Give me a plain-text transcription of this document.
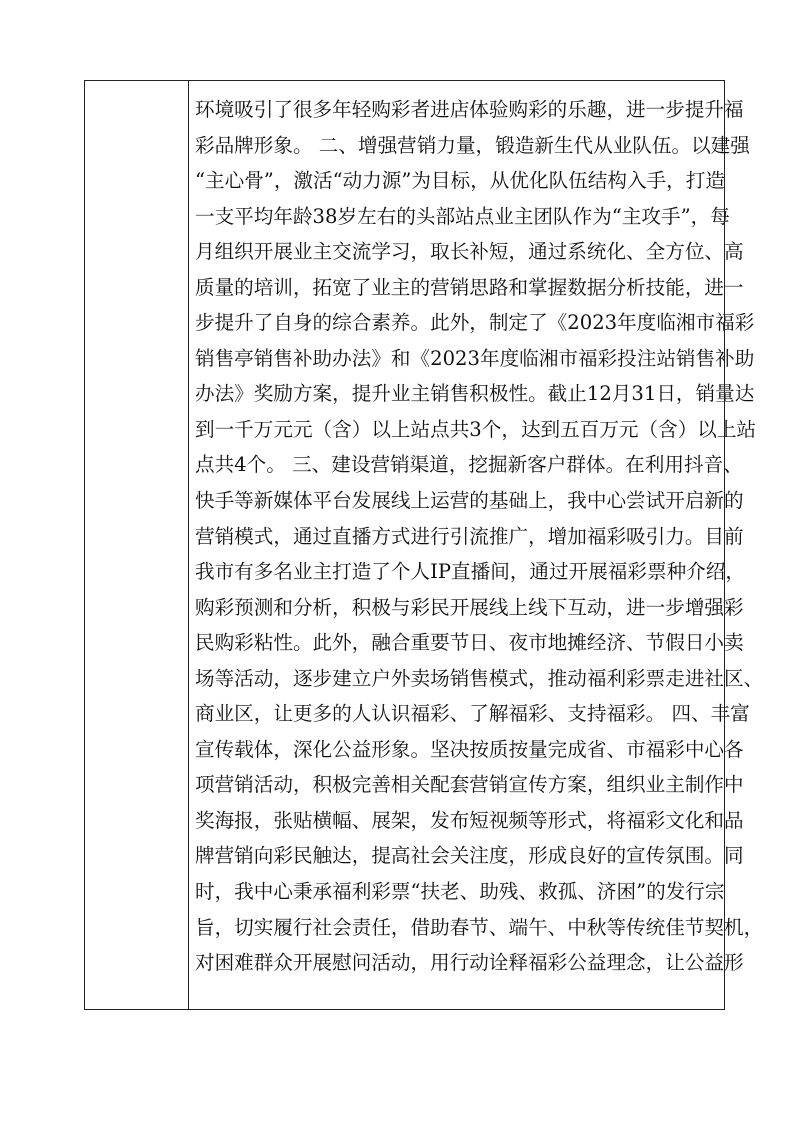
环境吸引了很多年轻购彩者进店体验购彩的乐趣，进一步提升福
彩品牌形象。 二、增强营销力量，锻造新生代从业队伍。以建强
“主心骨”，激活“动力源”为目标，从优化队伍结构入手，打造
一支平均年龄38岁左右的头部站点业主团队作为“主攻手”，每
月组织开展业主交流学习，取长补短，通过系统化、全方位、高
质量的培训，拓宽了业主的营销思路和掌握数据分析技能，进一
步提升了自身的综合素养。此外，制定了《2023年度临湘市福彩
销售亭销售补助办法》和《2023年度临湘市福彩投注站销售补助
办法》奖励方案，提升业主销售积极性。截止12月31日，销量达
到一千万元元（含）以上站点共3个，达到五百万元（含）以上站
点共4个。 三、建设营销渠道，挖掘新客户群体。在利用抖音、
快手等新媒体平台发展线上运营的基础上，我中心尝试开启新的
营销模式，通过直播方式进行引流推广，增加福彩吸引力。目前
我市有多名业主打造了个人IP直播间，通过开展福彩票种介绍，
购彩预测和分析，积极与彩民开展线上线下互动，进一步增强彩
民购彩粘性。此外，融合重要节日、夜市地摊经济、节假日小卖
场等活动，逐步建立户外卖场销售模式，推动福利彩票走进社区、
商业区，让更多的人认识福彩、了解福彩、支持福彩。 四、丰富
宣传载体，深化公益形象。坚决按质按量完成省、市福彩中心各
项营销活动，积极完善相关配套营销宣传方案，组织业主制作中
奖海报，张贴横幅、展架，发布短视频等形式，将福彩文化和品
牌营销向彩民触达，提高社会关注度，形成良好的宣传氛围。同
时，我中心秉承福利彩票“扶老、助残、救孤、济困”的发行宗
旨，切实履行社会责任，借助春节、端午、中秋等传统佳节契机，
对困难群众开展慰问活动，用行动诠释福彩公益理念，让公益形
